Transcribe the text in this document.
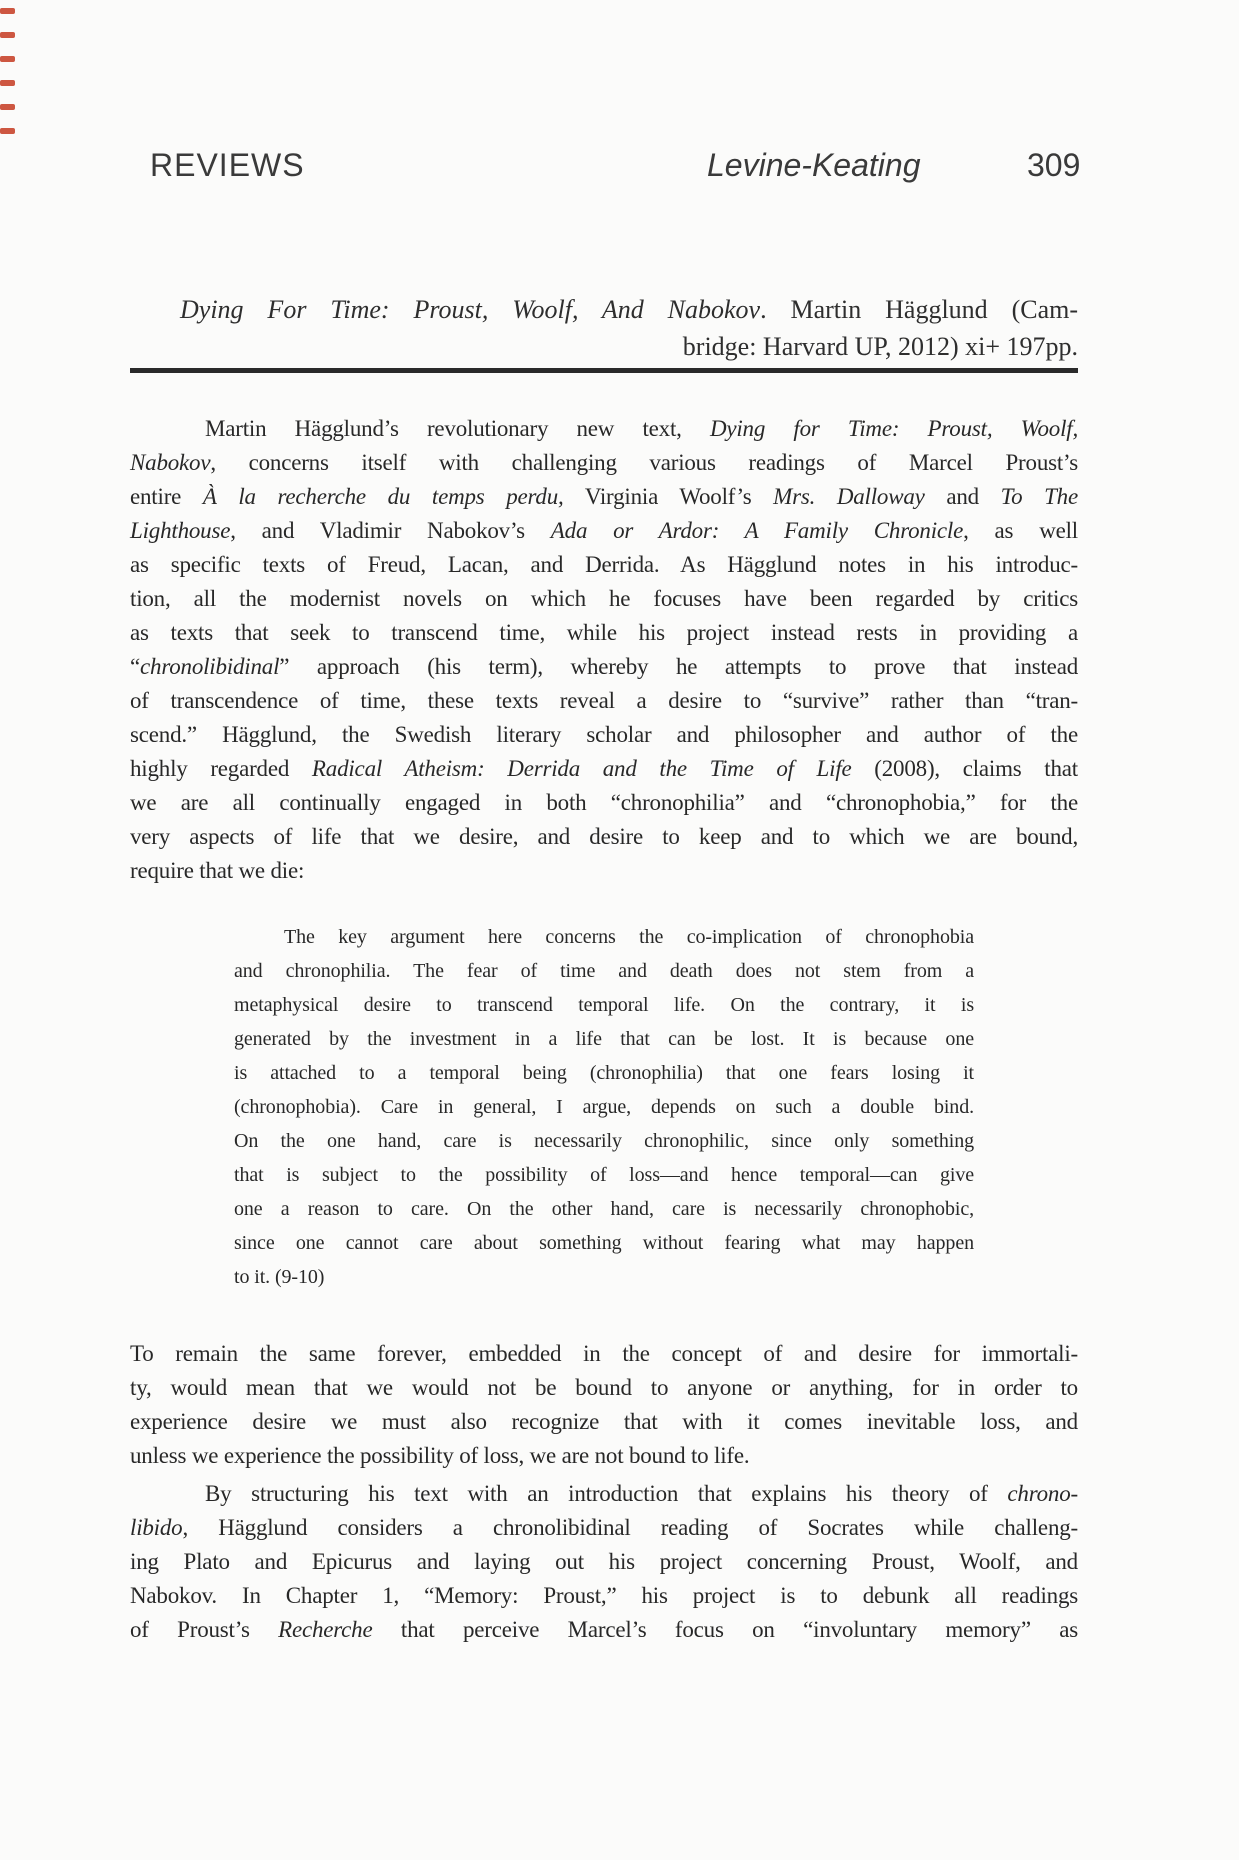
REVIEWS	Levine-Keating	309
Dying For Time: Proust, Woolf, And Nabokov. Martin Hägglund (Cam-
bridge: Harvard UP, 2012) xi+ 197pp.
Martin Hägglund’s revolutionary new text, Dying for Time: Proust, Woolf,
Nabokov, concerns itself with challenging various readings of Marcel Proust’s
entire À la recherche du temps perdu, Virginia Woolf’s Mrs. Dalloway and To The
Lighthouse, and Vladimir Nabokov’s Ada or Ardor: A Family Chronicle, as well
as specific texts of Freud, Lacan, and Derrida. As Hägglund notes in his introduc-
tion, all the modernist novels on which he focuses have been regarded by critics
as texts that seek to transcend time, while his project instead rests in providing a
“chronolibidinal” approach (his term), whereby he attempts to prove that instead
of transcendence of time, these texts reveal a desire to “survive” rather than “tran-
scend.” Hägglund, the Swedish literary scholar and philosopher and author of the
highly regarded Radical Atheism: Derrida and the Time of Life (2008), claims that
we are all continually engaged in both “chronophilia” and “chronophobia,” for the
very aspects of life that we desire, and desire to keep and to which we are bound,
require that we die:
The key argument here concerns the co-implication of chronophobia
and chronophilia. The fear of time and death does not stem from a
metaphysical desire to transcend temporal life. On the contrary, it is
generated by the investment in a life that can be lost. It is because one
is attached to a temporal being (chronophilia) that one fears losing it
(chronophobia). Care in general, I argue, depends on such a double bind.
On the one hand, care is necessarily chronophilic, since only something
that is subject to the possibility of loss—and hence temporal—can give
one a reason to care. On the other hand, care is necessarily chronophobic,
since one cannot care about something without fearing what may happen
to it. (9-10)
To remain the same forever, embedded in the concept of and desire for immortali-
ty, would mean that we would not be bound to anyone or anything, for in order to
experience desire we must also recognize that with it comes inevitable loss, and
unless we experience the possibility of loss, we are not bound to life.
By structuring his text with an introduction that explains his theory of chrono-
libido, Hägglund considers a chronolibidinal reading of Socrates while challeng-
ing Plato and Epicurus and laying out his project concerning Proust, Woolf, and
Nabokov. In Chapter 1, “Memory: Proust,” his project is to debunk all readings
of Proust’s Recherche that perceive Marcel’s focus on “involuntary memory” as
